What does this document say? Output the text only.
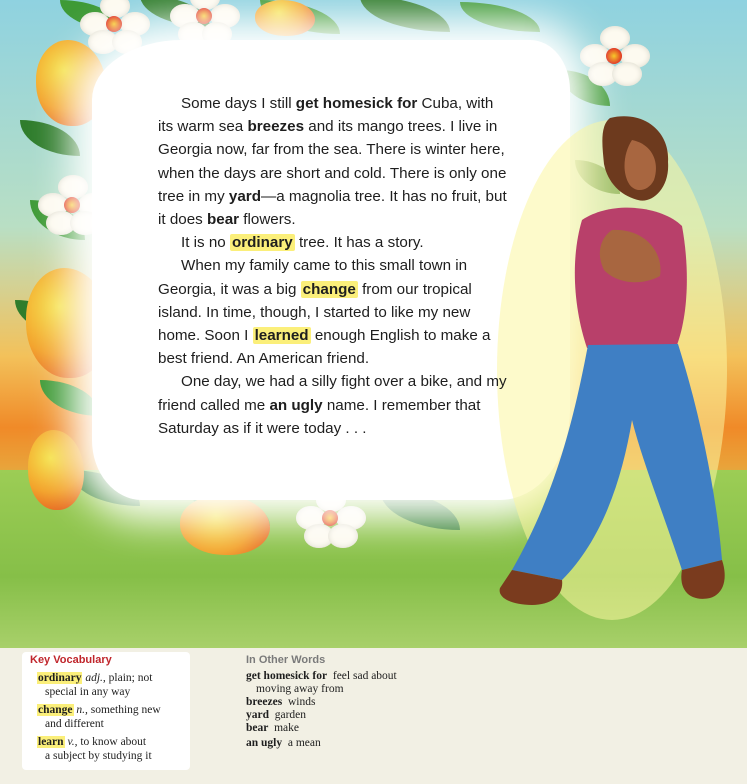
Some days I still get homesick for Cuba, with its warm sea breezes and its mango trees. I live in Georgia now, far from the sea. There is winter here, when the days are short and cold. There is only one tree in my yard—a magnolia tree. It has no fruit, but it does bear flowers.

It is no ordinary tree. It has a story.

When my family came to this small town in Georgia, it was a big change from our tropical island. In time, though, I started to like my new home. Soon I learned enough English to make a best friend. An American friend.

One day, we had a silly fight over a bike, and my friend called me an ugly name. I remember that Saturday as if it were today . . .

Key Vocabulary
ordinary adj., plain; not
special in any way
change n., something new
and different
learn v., to know about
a subject by studying it
In Other Words
get homesick for feel sad about
moving away from
breezes winds
yard garden
bear make
an ugly a mean
